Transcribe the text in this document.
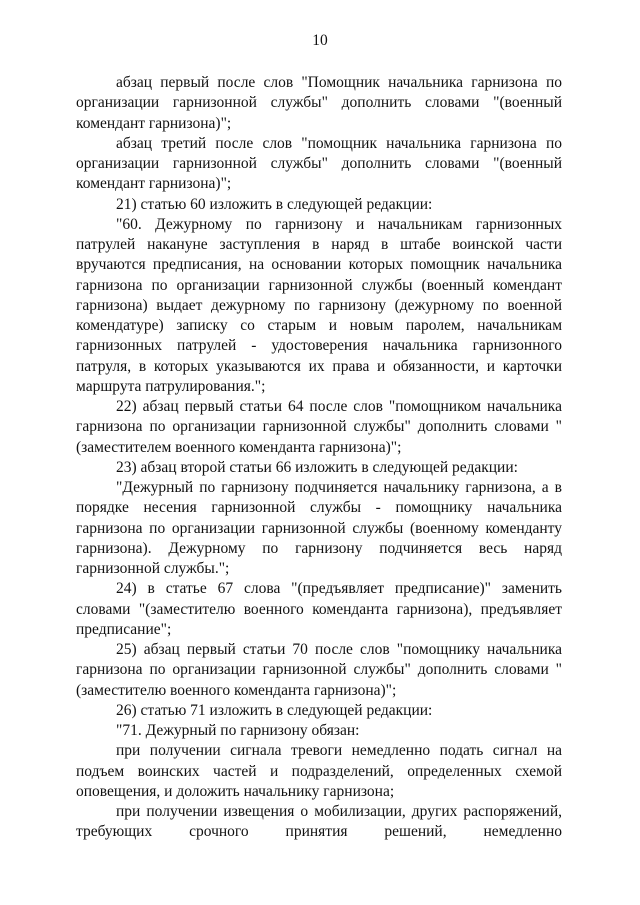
10

абзац первый после слов "Помощник начальника гарнизона по организации гарнизонной службы" дополнить словами "(военный комендант гарнизона)";

абзац третий после слов "помощник начальника гарнизона по организации гарнизонной службы" дополнить словами "(военный комендант гарнизона)";

21) статью 60 изложить в следующей редакции:

"60. Дежурному по гарнизону и начальникам гарнизонных патрулей накануне заступления в наряд в штабе воинской части вручаются предписания, на основании которых помощник начальника гарнизона по организации гарнизонной службы (военный комендант гарнизона) выдает дежурному по гарнизону (дежурному по военной комендатуре) записку со старым и новым паролем, начальникам гарнизонных патрулей - удостоверения начальника гарнизонного патруля, в которых указываются их права и обязанности, и карточки маршрута патрулирования.";

22) абзац первый статьи 64 после слов "помощником начальника гарнизона по организации гарнизонной службы" дополнить словами "(заместителем военного коменданта гарнизона)";

23) абзац второй статьи 66 изложить в следующей редакции:

"Дежурный по гарнизону подчиняется начальнику гарнизона, а в порядке несения гарнизонной службы - помощнику начальника гарнизона по организации гарнизонной службы (военному коменданту гарнизона). Дежурному по гарнизону подчиняется весь наряд гарнизонной службы.";

24) в статье 67 слова "(предъявляет предписание)" заменить словами "(заместителю военного коменданта гарнизона), предъявляет предписание";

25) абзац первый статьи 70 после слов "помощнику начальника гарнизона по организации гарнизонной службы" дополнить словами "(заместителю военного коменданта гарнизона)";

26) статью 71 изложить в следующей редакции:

"71. Дежурный по гарнизону обязан:

при получении сигнала тревоги немедленно подать сигнал на подъем воинских частей и подразделений, определенных схемой оповещения, и доложить начальнику гарнизона;

при получении извещения о мобилизации, других распоряжений, требующих срочного принятия решений, немедленно
